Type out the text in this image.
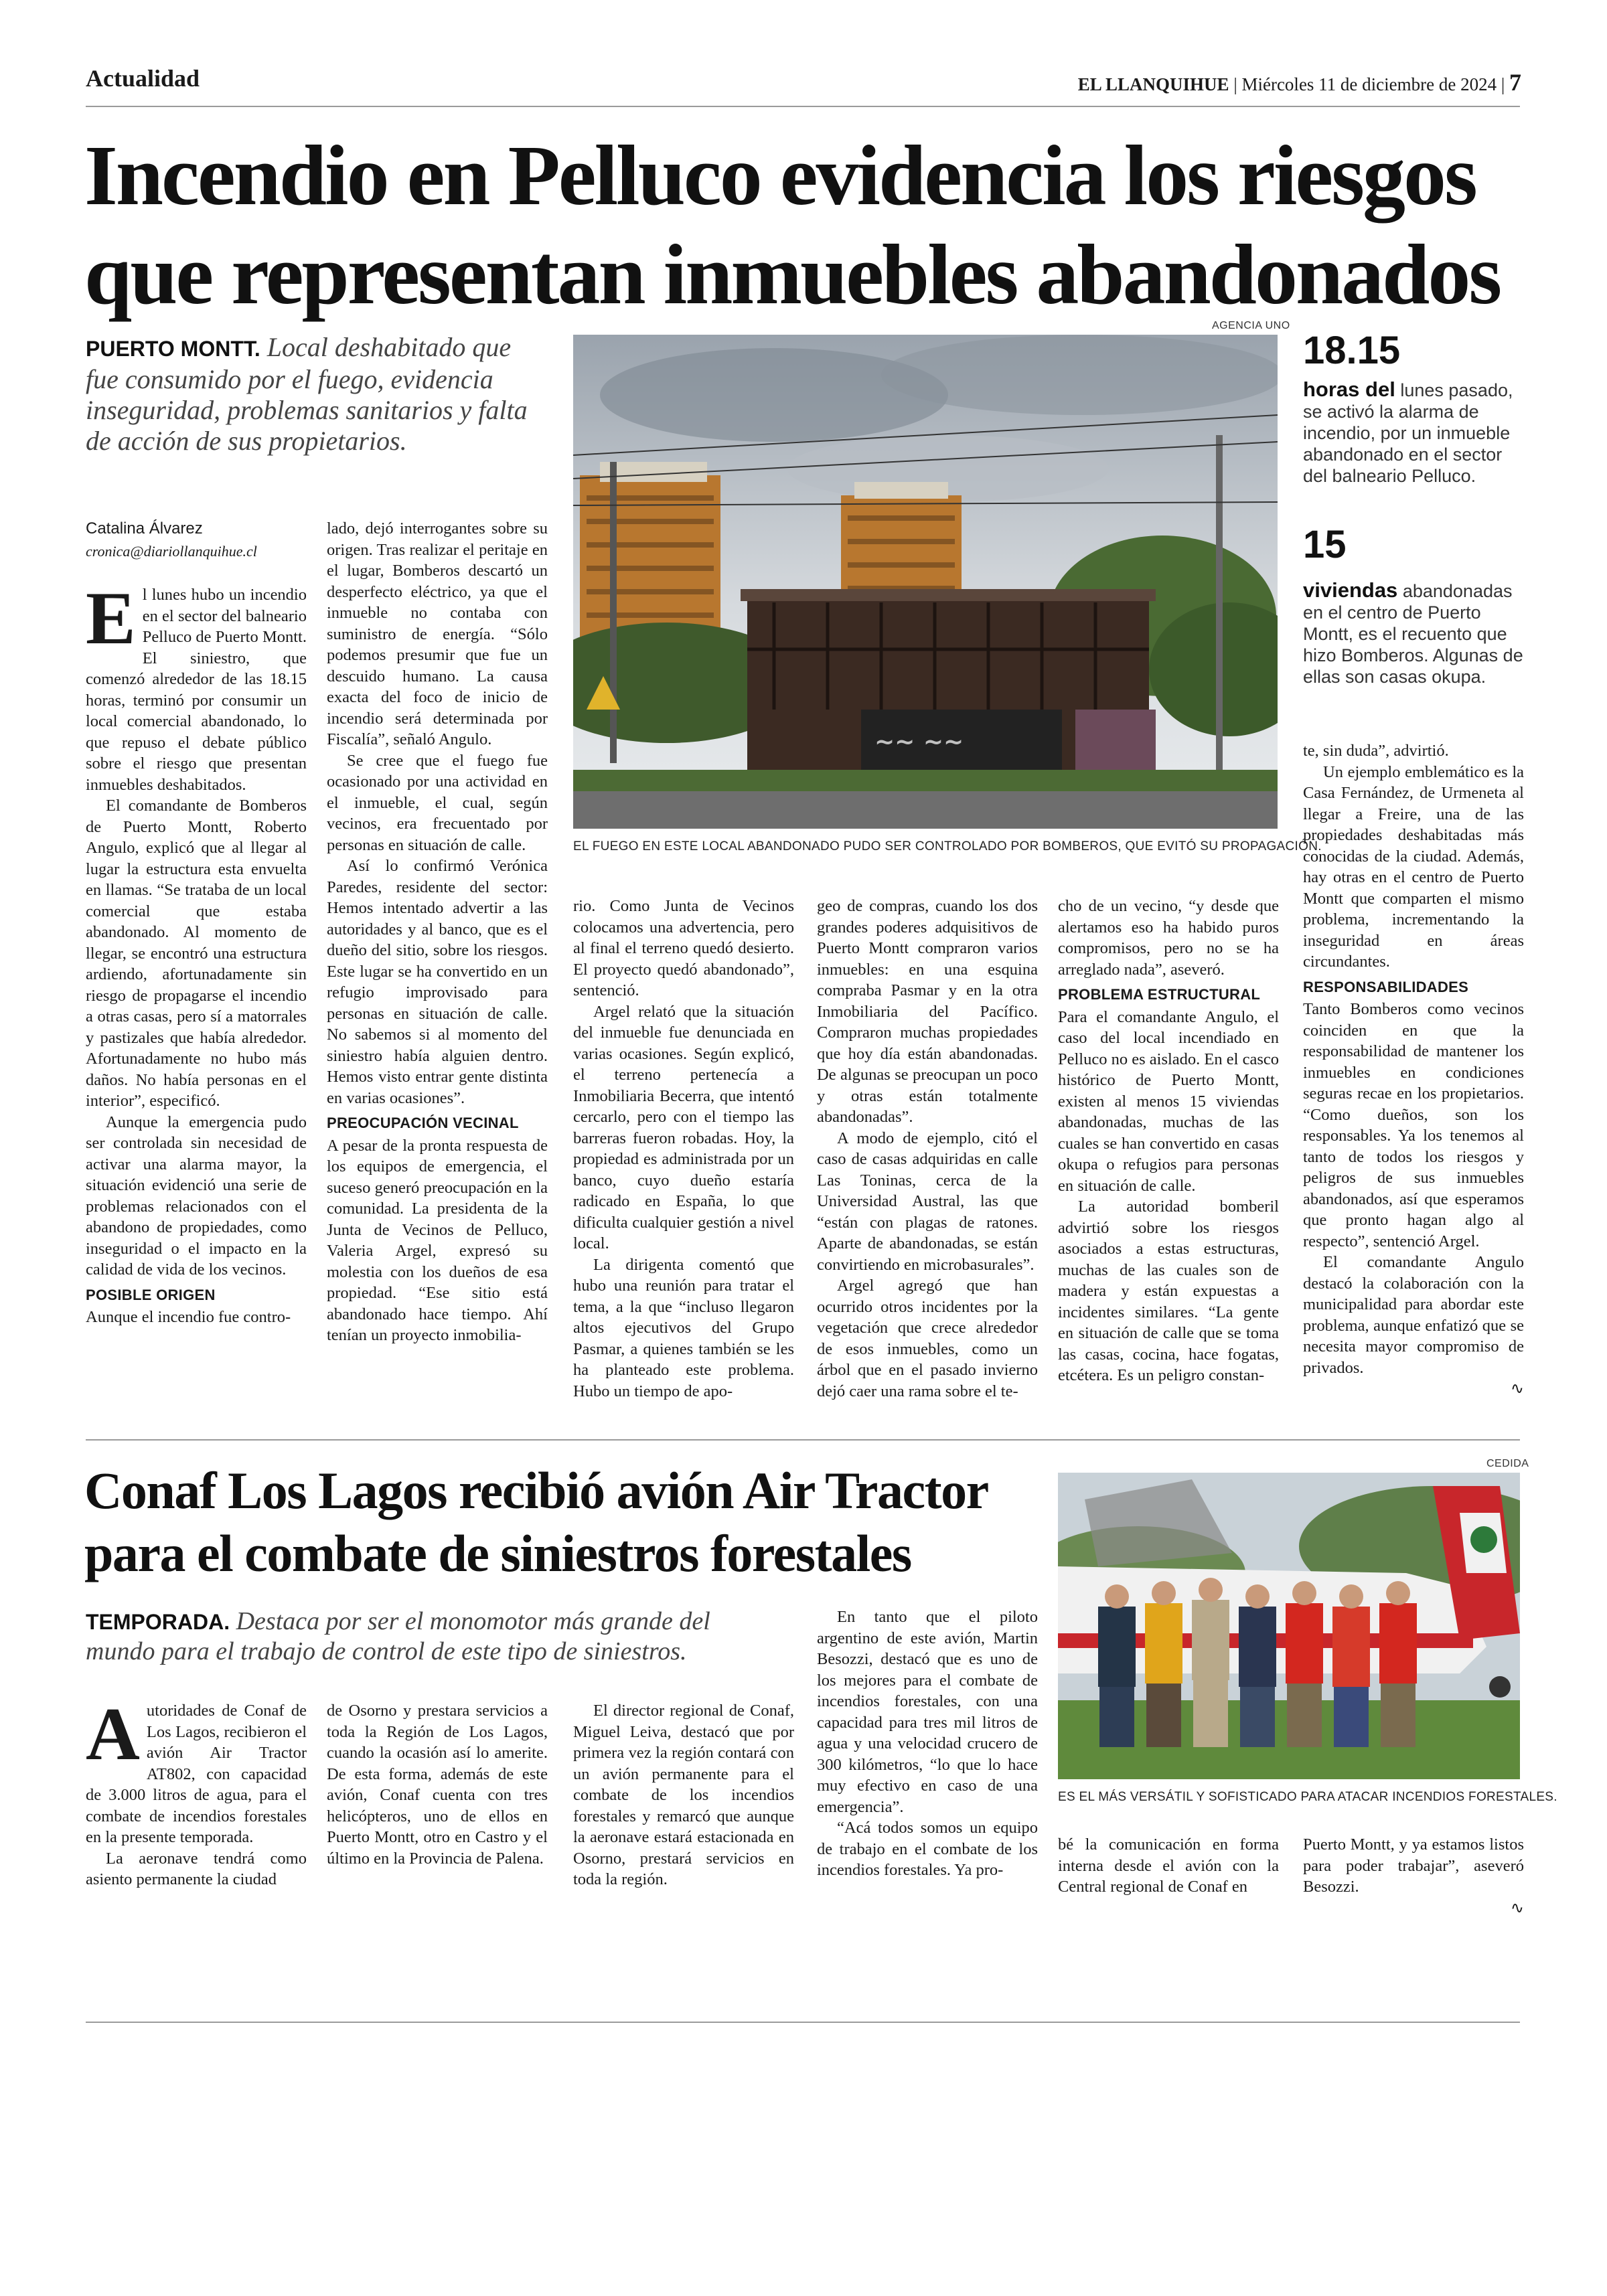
Actualidad	EL LLANQUIHUE | Miércoles 11 de diciembre de 2024 | 7
Incendio en Pelluco evidencia los riesgos que representan inmuebles abandonados
PUERTO MONTT. Local deshabitado que fue consumido por el fuego, evidencia inseguridad, problemas sanitarios y falta de acción de sus propietarios.
AGENCIA UNO
~~ ~~
EL FUEGO EN ESTE LOCAL ABANDONADO PUDO SER CONTROLADO POR BOMBEROS, QUE EVITÓ SU PROPAGACIÓN.
18.15
horas del lunes pasado, se activó la alarma de incendio, por un inmueble abandonado en el sector del balneario Pelluco.
15
viviendas abandonadas en el centro de Puerto Montt, es el recuento que hizo Bomberos. Algunas de ellas son casas okupa.
Catalina Álvarez
cronica@diariollanquihue.cl

El lunes hubo un incendio en el sector del balneario Pelluco de Puerto Montt. El siniestro, que comenzó alrededor de las 18.15 horas, terminó por consumir un local comercial abandonado, lo que repuso el debate público sobre el riesgo que presentan inmuebles deshabitados.

El comandante de Bomberos de Puerto Montt, Roberto Angulo, explicó que al llegar al lugar la estructura esta envuelta en llamas. “Se trataba de un local comercial que estaba abandonado. Al momento de llegar, se encontró una estructura ardiendo, afortunadamente sin riesgo de propagarse el incendio a otras casas, pero sí a matorrales y pastizales que había alrededor. Afortunadamente no hubo más daños. No había personas en el interior”, especificó.

Aunque la emergencia pudo ser controlada sin necesidad de activar una alarma mayor, la situación evidenció una serie de problemas relacionados con el abandono de propiedades, como inseguridad o el impacto en la calidad de vida de los vecinos.

POSIBLE ORIGEN

Aunque el incendio fue contro-

lado, dejó interrogantes sobre su origen. Tras realizar el peritaje en el lugar, Bomberos descartó un desperfecto eléctrico, ya que el inmueble no contaba con suministro de energía. “Sólo podemos presumir que fue un descuido humano. La causa exacta del foco de inicio de incendio será determinada por Fiscalía”, señaló Angulo.

Se cree que el fuego fue ocasionado por una actividad en el inmueble, el cual, según vecinos, era frecuentado por personas en situación de calle.

Así lo confirmó Verónica Paredes, residente del sector: Hemos intentado advertir a las autoridades y al banco, que es el dueño del sitio, sobre los riesgos. Este lugar se ha convertido en un refugio improvisado para personas en situación de calle. No sabemos si al momento del siniestro había alguien dentro. Hemos visto entrar gente distinta en varias ocasiones”.

PREOCUPACIÓN VECINAL

A pesar de la pronta respuesta de los equipos de emergencia, el suceso generó preocupación en la comunidad. La presidenta de la Junta de Vecinos de Pelluco, Valeria Argel, expresó su molestia con los dueños de esa propiedad. “Ese sitio está abandonado hace tiempo. Ahí tenían un proyecto inmobilia-

rio. Como Junta de Vecinos colocamos una advertencia, pero al final el terreno quedó desierto. El proyecto quedó abandonado”, sentenció.

Argel relató que la situación del inmueble fue denunciada en varias ocasiones. Según explicó, el terreno pertenecía a Inmobiliaria Becerra, que intentó cercarlo, pero con el tiempo las barreras fueron robadas. Hoy, la propiedad es administrada por un banco, cuyo dueño estaría radicado en España, lo que dificulta cualquier gestión a nivel local.

La dirigenta comentó que hubo una reunión para tratar el tema, a la que “incluso llegaron altos ejecutivos del Grupo Pasmar, a quienes también se les ha planteado este problema. Hubo un tiempo de apo-

geo de compras, cuando los dos grandes poderes adquisitivos de Puerto Montt compraron varios inmuebles: en una esquina compraba Pasmar y en la otra Inmobiliaria del Pacífico. Compraron muchas propiedades que hoy día están abandonadas. De algunas se preocupan un poco y otras están totalmente abandonadas”.

A modo de ejemplo, citó el caso de casas adquiridas en calle Las Toninas, cerca de la Universidad Austral, las que “están con plagas de ratones. Aparte de abandonadas, se están convirtiendo en microbasurales”.

Argel agregó que han ocurrido otros incidentes por la vegetación que crece alrededor de esos inmuebles, como un árbol que en el pasado invierno dejó caer una rama sobre el te-

cho de un vecino, “y desde que alertamos eso ha habido puros compromisos, pero no se ha arreglado nada”, aseveró.

PROBLEMA ESTRUCTURAL

Para el comandante Angulo, el caso del local incendiado en Pelluco no es aislado. En el casco histórico de Puerto Montt, existen al menos 15 viviendas abandonadas, muchas de las cuales se han convertido en casas okupa o refugios para personas en situación de calle.

La autoridad bomberil advirtió sobre los riesgos asociados a estas estructuras, muchas de las cuales son de madera y están expuestas a incidentes similares. “La gente en situación de calle que se toma las casas, cocina, hace fogatas, etcétera. Es un peligro constan-

te, sin duda”, advirtió.

Un ejemplo emblemático es la Casa Fernández, de Urmeneta al llegar a Freire, una de las propiedades deshabitadas más conocidas de la ciudad. Además, hay otras en el centro de Puerto Montt que comparten el mismo problema, incrementando la inseguridad en áreas circundantes.

RESPONSABILIDADES

Tanto Bomberos como vecinos coinciden en que la responsabilidad de mantener los inmuebles en condiciones seguras recae en los propietarios. “Como dueños, son los responsables. Ya los tenemos al tanto de todos los riesgos y peligros de sus inmuebles abandonados, así que esperamos que pronto hagan algo al respecto”, sentenció Argel.

El comandante Angulo destacó la colaboración con la municipalidad para abordar este problema, aunque enfatizó que se necesita mayor compromiso de privados.

∿
Conaf Los Lagos recibió avión Air Tractor para el combate de siniestros forestales
TEMPORADA. Destaca por ser el monomotor más grande del mundo para el trabajo de control de este tipo de siniestros.
CEDIDA
ES EL MÁS VERSÁTIL Y SOFISTICADO PARA ATACAR INCENDIOS FORESTALES.

Autoridades de Conaf de Los Lagos, recibieron el avión Air Tractor AT802, con capacidad de 3.000 litros de agua, para el combate de incendios forestales en la presente temporada.

La aeronave tendrá como asiento permanente la ciudad

de Osorno y prestara servicios a toda la Región de Los Lagos, cuando la ocasión así lo amerite. De esta forma, además de este avión, Conaf cuenta con tres helicópteros, uno de ellos en Puerto Montt, otro en Castro y el último en la Provincia de Palena.

El director regional de Conaf, Miguel Leiva, destacó que por primera vez la región contará con un avión permanente para el combate de los incendios forestales y remarcó que aunque la aeronave estará estacionada en Osorno, prestará servicios en toda la región.

En tanto que el piloto argentino de este avión, Martin Besozzi, destacó que es uno de los mejores para el combate de incendios forestales, con una capacidad para tres mil litros de agua y una velocidad crucero de 300 kilómetros, “lo que lo hace muy efectivo en caso de una emergencia”.

“Acá todos somos un equipo de trabajo en el combate de los incendios forestales. Ya pro-

bé la comunicación en forma interna desde el avión con la Central regional de Conaf en

Puerto Montt, y ya estamos listos para poder trabajar”, aseveró Besozzi.

∿
